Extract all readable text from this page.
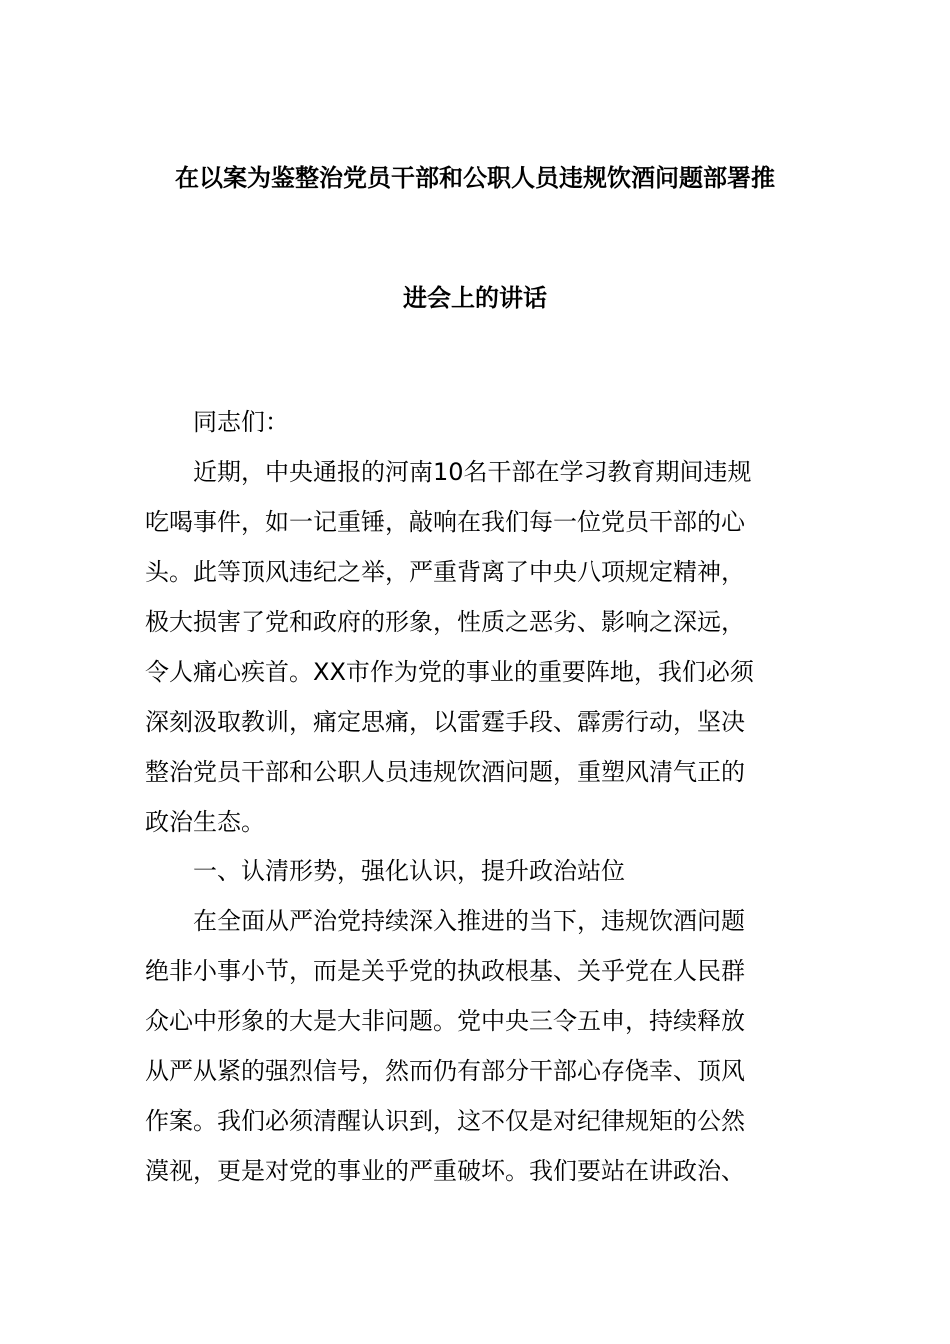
在以案为鉴整治党员干部和公职人员违规饮酒问题部署推
进会上的讲话
同志们：
近期，中央通报的河南10名干部在学习教育期间违规
吃喝事件，如一记重锤，敲响在我们每一位党员干部的心
头。此等顶风违纪之举，严重背离了中央八项规定精神，
极大损害了党和政府的形象，性质之恶劣、影响之深远，
令人痛心疾首。XX市作为党的事业的重要阵地，我们必须
深刻汲取教训，痛定思痛，以雷霆手段、霹雳行动，坚决
整治党员干部和公职人员违规饮酒问题，重塑风清气正的
政治生态。
一、认清形势，强化认识，提升政治站位
在全面从严治党持续深入推进的当下，违规饮酒问题
绝非小事小节，而是关乎党的执政根基、关乎党在人民群
众心中形象的大是大非问题。党中央三令五申，持续释放
从严从紧的强烈信号，然而仍有部分干部心存侥幸、顶风
作案。我们必须清醒认识到，这不仅是对纪律规矩的公然
漠视，更是对党的事业的严重破坏。我们要站在讲政治、
